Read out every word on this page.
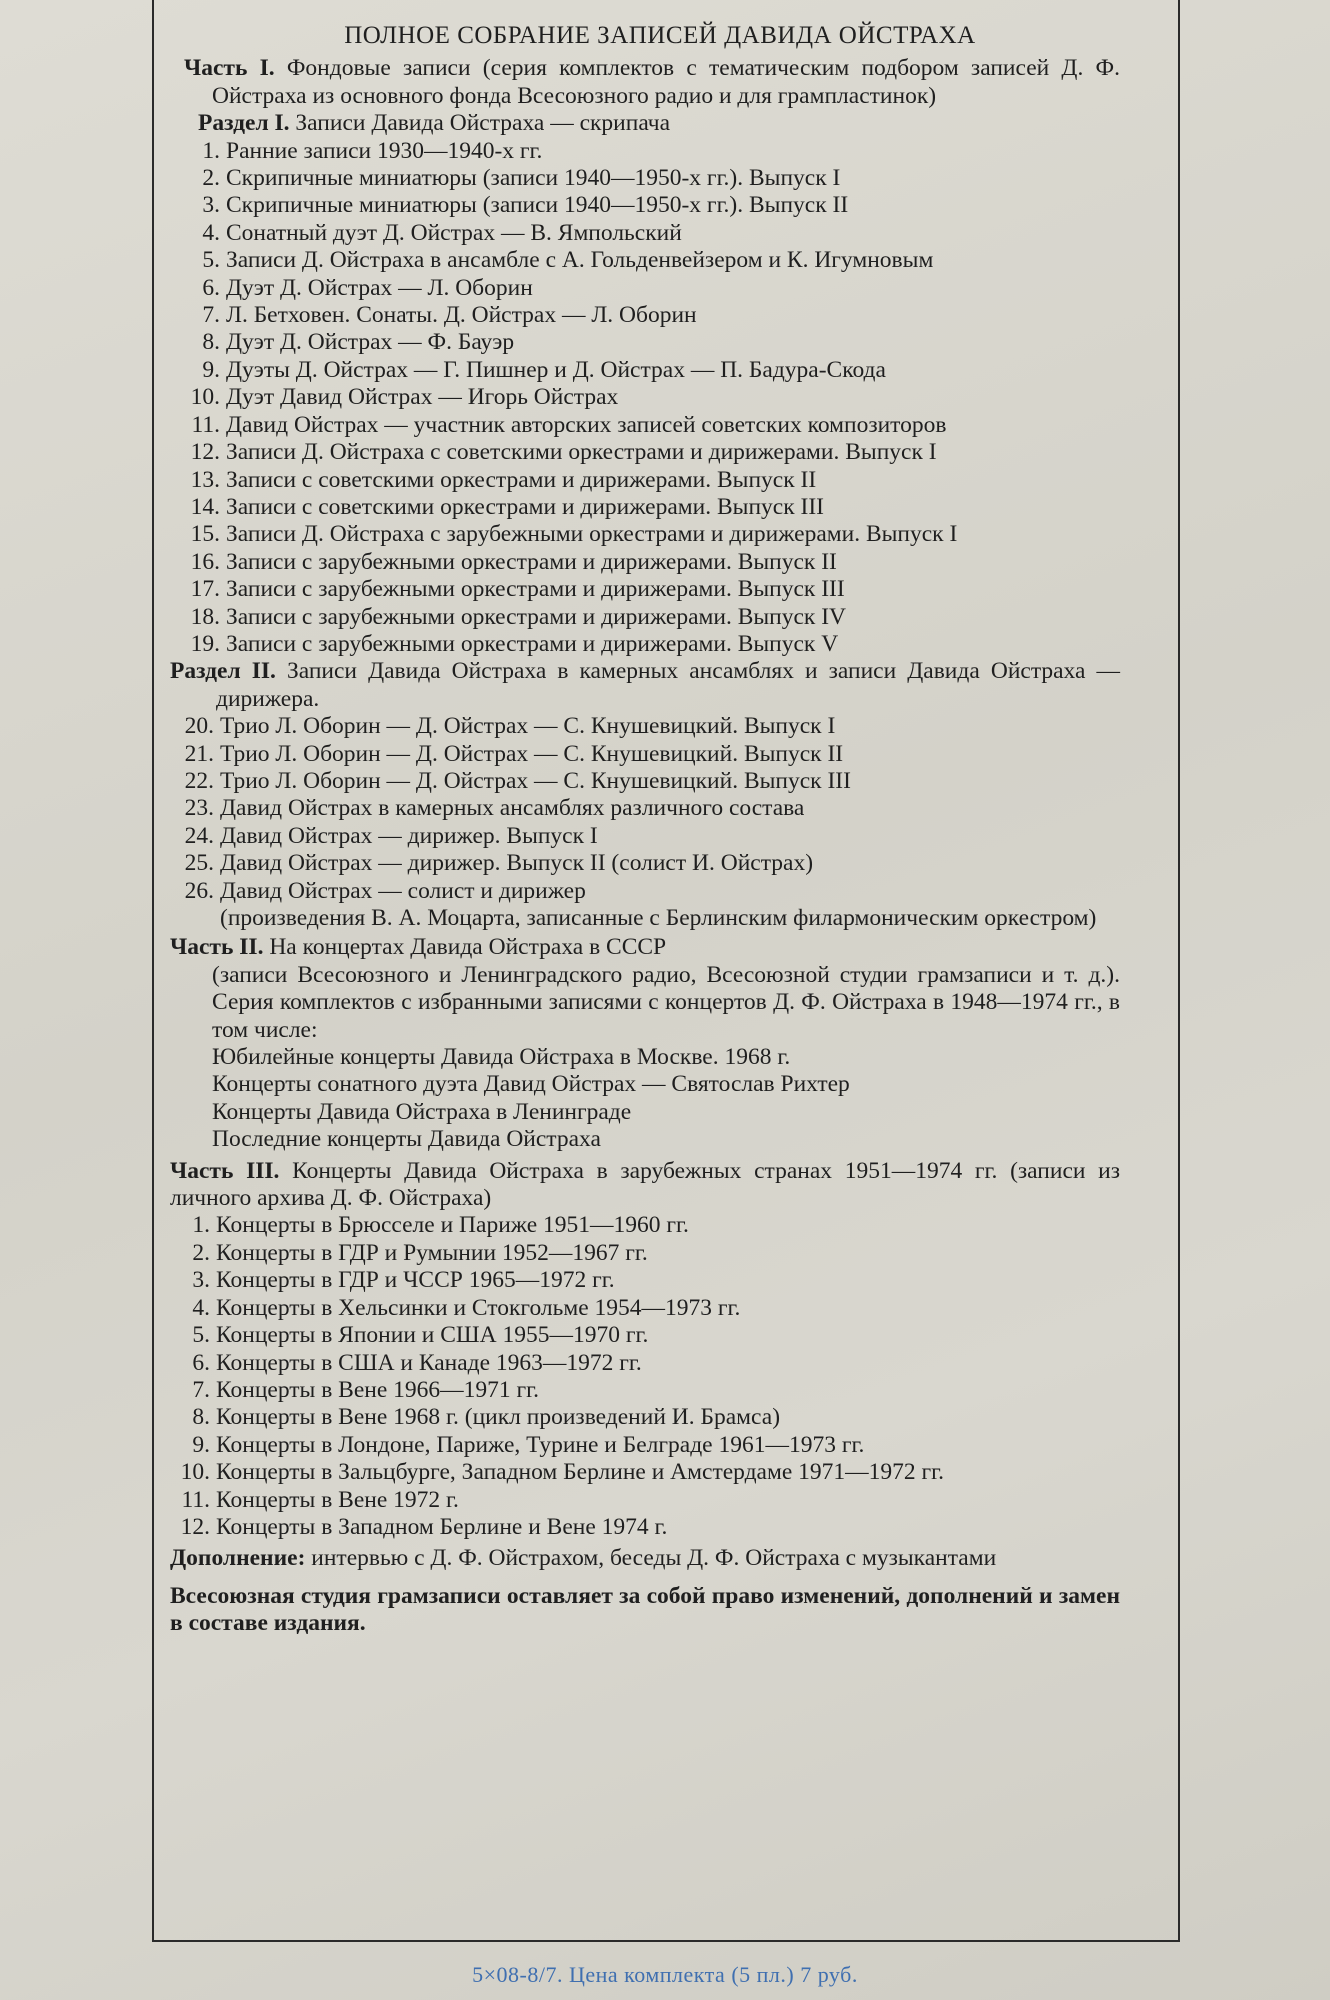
ПОЛНОЕ СОБРАНИЕ ЗАПИСЕЙ ДАВИДА ОЙСТРАХА

Часть I. Фондовые записи (серия комплектов с тематическим подбором записей Д. Ф. Ойстраха из основного фонда Всесоюзного радио и для грампластинок)

Раздел I. Записи Давида Ойстраха — скрипача

1. Ранние записи 1930—1940-х гг.
2. Скрипичные миниатюры (записи 1940—1950-х гг.). Выпуск I
3. Скрипичные миниатюры (записи 1940—1950-х гг.). Выпуск II
4. Сонатный дуэт Д. Ойстрах — В. Ямпольский
5. Записи Д. Ойстраха в ансамбле с А. Гольденвейзером и К. Игумновым
6. Дуэт Д. Ойстрах — Л. Оборин
7. Л. Бетховен. Сонаты. Д. Ойстрах — Л. Оборин
8. Дуэт Д. Ойстрах — Ф. Бауэр
9. Дуэты Д. Ойстрах — Г. Пишнер и Д. Ойстрах — П. Бадура-Скода
10. Дуэт Давид Ойстрах — Игорь Ойстрах
11. Давид Ойстрах — участник авторских записей советских композиторов
12. Записи Д. Ойстраха с советскими оркестрами и дирижерами. Выпуск I
13. Записи с советскими оркестрами и дирижерами. Выпуск II
14. Записи с советскими оркестрами и дирижерами. Выпуск III
15. Записи Д. Ойстраха с зарубежными оркестрами и дирижерами. Выпуск I
16. Записи с зарубежными оркестрами и дирижерами. Выпуск II
17. Записи с зарубежными оркестрами и дирижерами. Выпуск III
18. Записи с зарубежными оркестрами и дирижерами. Выпуск IV
19. Записи с зарубежными оркестрами и дирижерами. Выпуск V

Раздел II. Записи Давида Ойстраха в камерных ансамблях и записи Давида Ойстраха — дирижера.

20. Трио Л. Оборин — Д. Ойстрах — С. Кнушевицкий. Выпуск I
21. Трио Л. Оборин — Д. Ойстрах — С. Кнушевицкий. Выпуск II
22. Трио Л. Оборин — Д. Ойстрах — С. Кнушевицкий. Выпуск III
23. Давид Ойстрах в камерных ансамблях различного состава
24. Давид Ойстрах — дирижер. Выпуск I
25. Давид Ойстрах — дирижер. Выпуск II (солист И. Ойстрах)
26. Давид Ойстрах — солист и дирижер

(произведения В. А. Моцарта, записанные с Берлинским филармоническим оркестром)

Часть II. На концертах Давида Ойстраха в СССР

(записи Всесоюзного и Ленинградского радио, Всесоюзной студии грамзаписи и т. д.). Серия комплектов с избранными записями с концертов Д. Ф. Ойстраха в 1948—1974 гг., в том числе:

Юбилейные концерты Давида Ойстраха в Москве. 1968 г.
Концерты сонатного дуэта Давид Ойстрах — Святослав Рихтер
Концерты Давида Ойстраха в Ленинграде
Последние концерты Давида Ойстраха

Часть III. Концерты Давида Ойстраха в зарубежных странах 1951—1974 гг. (записи из личного архива Д. Ф. Ойстраха)

1. Концерты в Брюсселе и Париже 1951—1960 гг.
2. Концерты в ГДР и Румынии 1952—1967 гг.
3. Концерты в ГДР и ЧССР 1965—1972 гг.
4. Концерты в Хельсинки и Стокгольме 1954—1973 гг.
5. Концерты в Японии и США 1955—1970 гг.
6. Концерты в США и Канаде 1963—1972 гг.
7. Концерты в Вене 1966—1971 гг.
8. Концерты в Вене 1968 г. (цикл произведений И. Брамса)
9. Концерты в Лондоне, Париже, Турине и Белграде 1961—1973 гг.
10. Концерты в Зальцбурге, Западном Берлине и Амстердаме 1971—1972 гг.
11. Концерты в Вене 1972 г.
12. Концерты в Западном Берлине и Вене 1974 г.

Дополнение: интервью с Д. Ф. Ойстрахом, беседы Д. Ф. Ойстраха с музыкантами

Всесоюзная студия грамзаписи оставляет за собой право изменений, дополнений и замен в составе издания.

5×08-8/7. Цена комплекта (5 пл.) 7 руб.
